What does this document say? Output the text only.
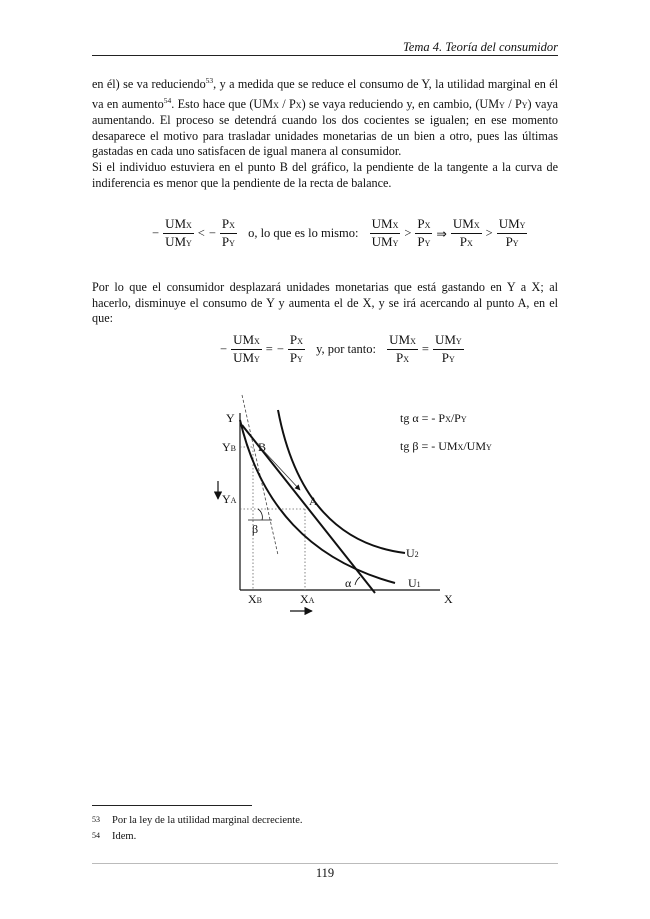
Tema 4. Teoría del consumidor

en él) se va reduciendo$^{53}$, y a medida que se reduce el consumo de Y, la utilidad marginal en él va en aumento$^{54}$. Esto hace que (UMX / PX) se vaya reduciendo y, en cambio, (UMY / PY) vaya aumentando. El proceso se detendrá cuando los dos cocientes se igualen; en ese momento desaparece el motivo para trasladar unidades monetarias de un bien a otro, pues las últimas gastadas en cada uno satisfacen de igual manera al consumidor.

Si el individuo estuviera en el punto B del gráfico, la pendiente de la tangente a la curva de indiferencia es menor que la pendiente de la recta de balance.

− $\frac{\text{UMX}}{\text{UMY}}$ < − $\frac{PX}{PY} o$, lo que es lo mismo: $\frac{\text{UMX}}{\text{UMY}} > \frac{PX}{PY}$ ⇒ $\frac{\text{UMX}}{PX} > \frac{\text{UMY}}{PY}$

Por lo que el consumidor desplazará unidades monetarias que está gastando en Y a X; al hacerlo, disminuye el consumo de Y y aumenta el de X, y se irá acercando al punto A, en el que:

− $\frac{\text{UMX}}{\text{UMY}}$ = − $\frac{PX}{PY} y$, por tanto: $\frac{\text{UMX}}{PX} = \frac{\text{UMY}}{PY}$
Y
X
YB
YA
XB	XA
B
A
U2
U1
α
β
tg α = - PX/PY
tg β = - UMX/UMY
53 Por la ley de la utilidad marginal decreciente.
54 Idem.
119
